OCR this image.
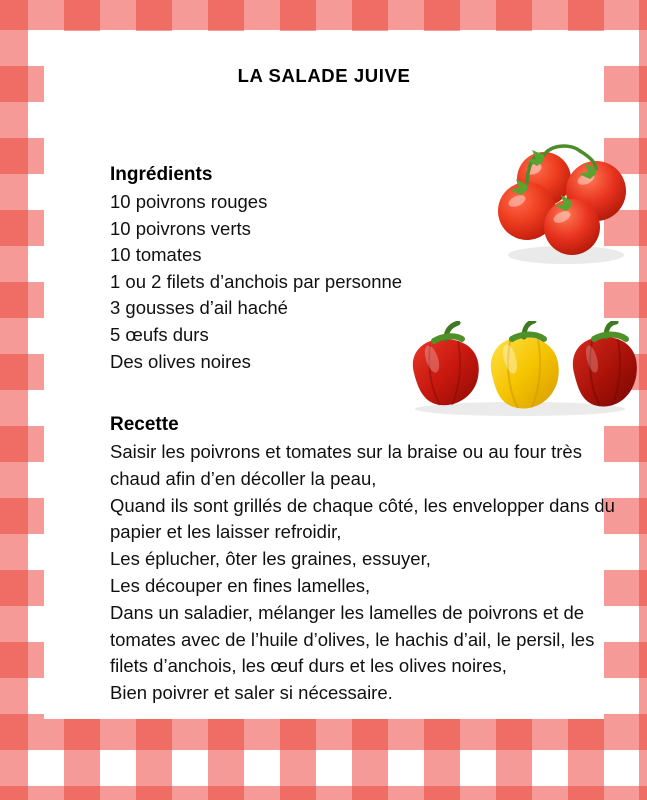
LA SALADE JUIVE
Ingrédients
10 poivrons rouges
10 poivrons verts
10 tomates
1 ou 2 filets d’anchois par personne
3 gousses d’ail haché
5 œufs durs
Des olives noires
Recette
Saisir les poivrons et tomates sur la braise ou au four très chaud afin d’en décoller la peau,
Quand ils sont grillés de chaque côté, les envelopper dans du papier et les laisser refroidir,
Les éplucher, ôter les graines, essuyer,
Les découper en fines lamelles,
Dans un saladier, mélanger les lamelles de poivrons et de tomates avec de l’huile d’olives, le hachis d’ail, le persil, les filets d’anchois, les œuf durs et les olives noires,
Bien poivrer et saler si nécessaire.
